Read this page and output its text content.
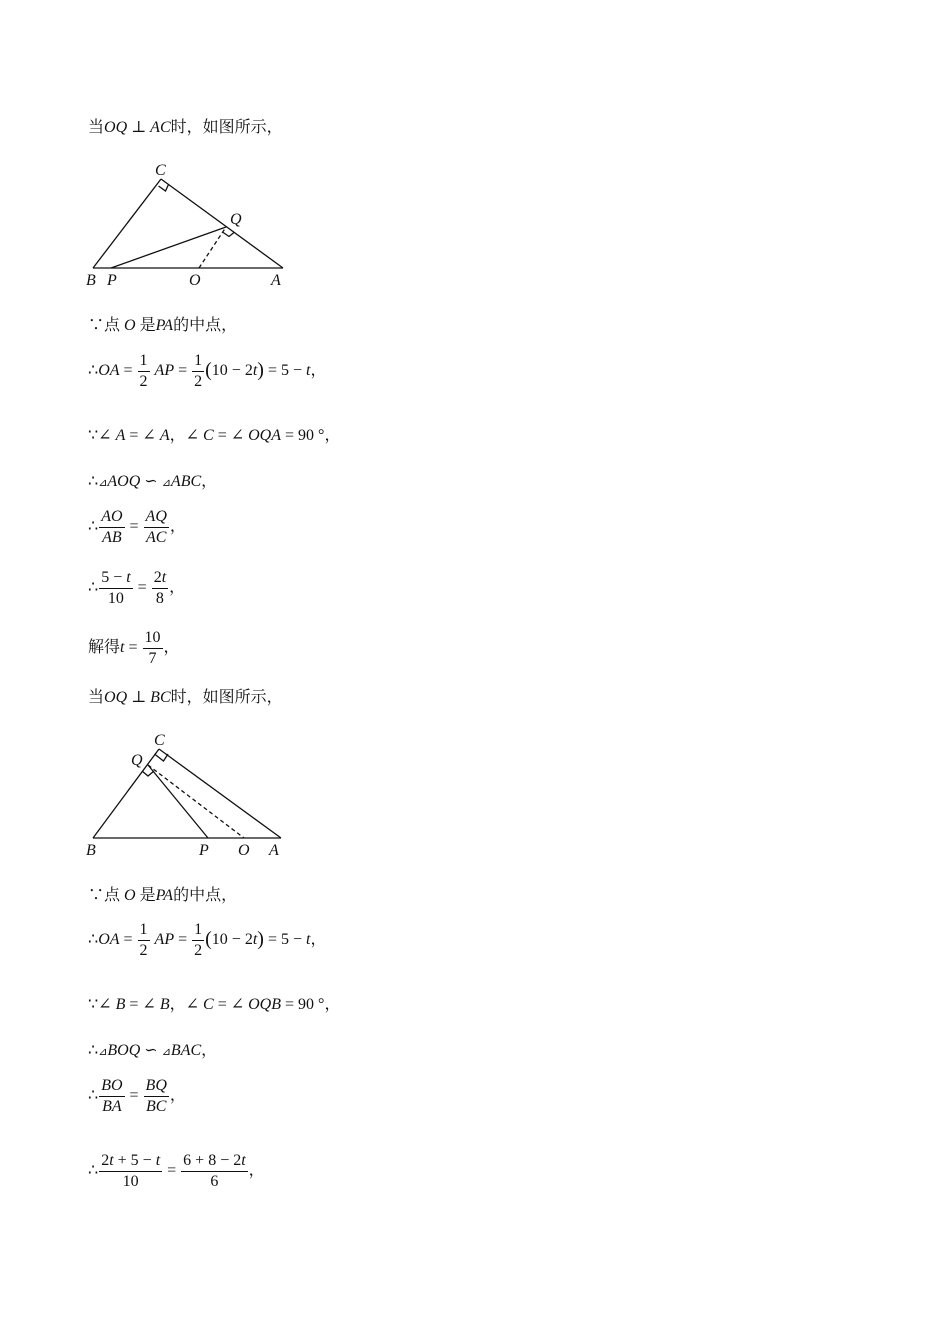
当OQ ⊥ AC时，如图所示，
C
Q
B P	O	A
∵点 O 是PA的中点，
∴OA = $\frac{1}{2}$ AP = $\frac{1}{2} (10 - 2t) = 5 - t$，
∵∠ A = ∠ A，∠ C = ∠ OQA = 90 °，
∴⊿AOQ ∽ ⊿ABC，
∴ $\frac{AO}{AB} = \frac{AQ}{AC}$ ，
∴ $\frac{5 - t}{10} = \frac{2t}{8}$ ，
解得$t = \frac{10}{7}$ ，
当OQ ⊥ BC时，如图所示，
C
Q
B	P O A
∵点 O 是PA的中点，
∴OA = $\frac{1}{2}$ AP = $\frac{1}{2} (10 - 2t) = 5 - t$，
∵∠ B = ∠ B，∠ C = ∠ OQB = 90 °，
∴⊿BOQ ∽ ⊿BAC，
∴ $\frac{BO}{BA} = \frac{BQ}{BC}$ ，
∴ $\frac{2t + 5 - t}{10} = \frac{6 + 8 - 2t}{6}$ ，
